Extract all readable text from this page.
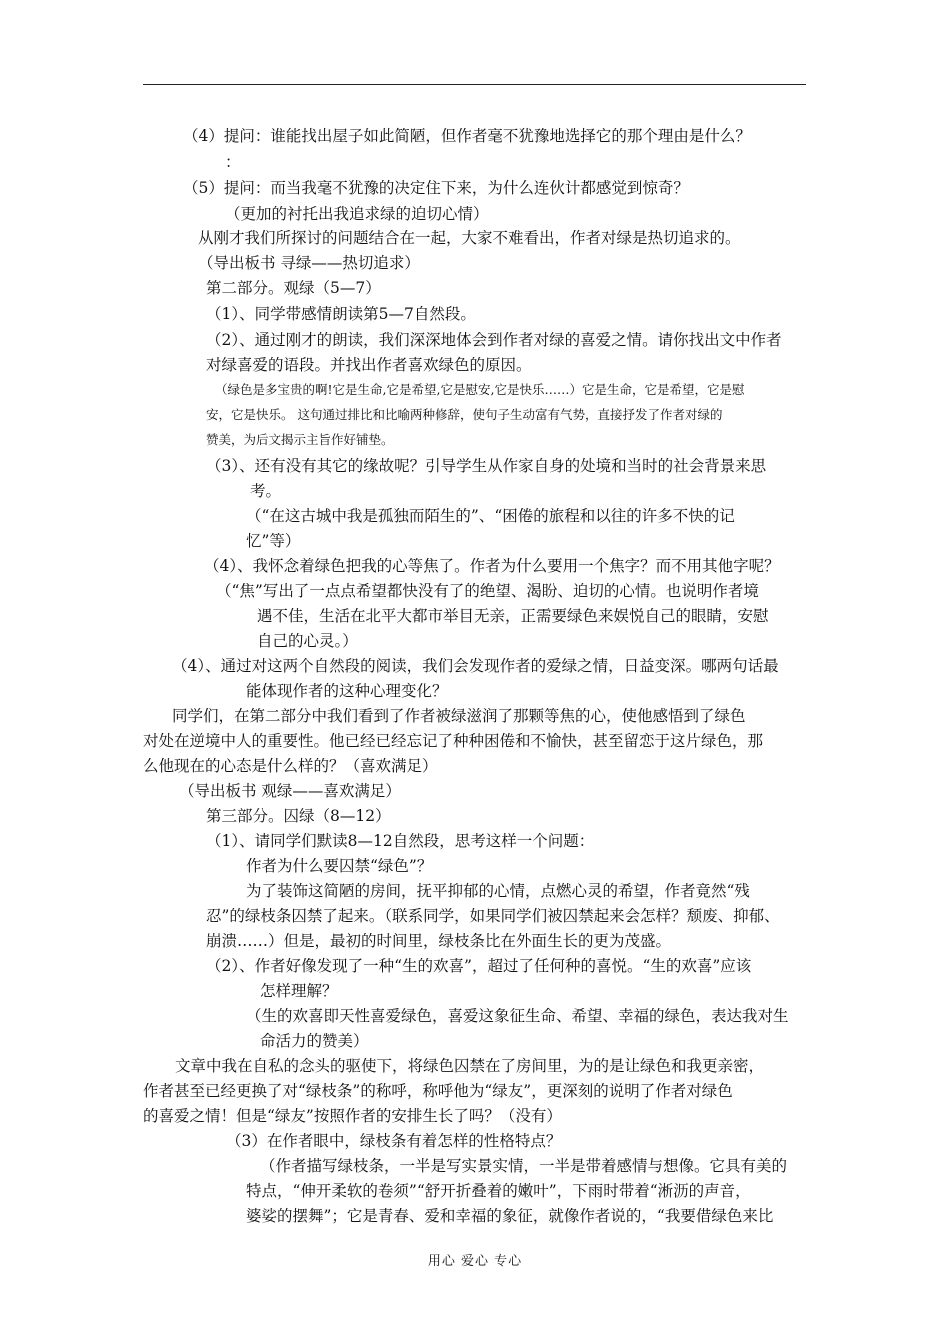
（4）提问：谁能找出屋子如此简陋，但作者毫不犹豫地选择它的那个理由是什么？
：
（5）提问：而当我毫不犹豫的决定住下来，为什么连伙计都感觉到惊奇？
（更加的衬托出我追求绿的迫切心情）
从刚才我们所探讨的问题结合在一起，大家不难看出，作者对绿是热切追求的。
（导出板书 寻绿——热切追求）
第二部分。观绿（5—7）
（1）、同学带感情朗读第5—7自然段。
（2）、通过刚才的朗读，我们深深地体会到作者对绿的喜爱之情。请你找出文中作者
对绿喜爱的语段。并找出作者喜欢绿色的原因。
（绿色是多宝贵的啊!它是生命,它是希望,它是慰安,它是快乐……）它是生命，它是希望，它是慰
安，它是快乐。 这句通过排比和比喻两种修辞，使句子生动富有气势，直接抒发了作者对绿的
赞美，为后文揭示主旨作好铺垫。
（3）、还有没有其它的缘故呢？引导学生从作家自身的处境和当时的社会背景来思
考。
（“在这古城中我是孤独而陌生的”、“困倦的旅程和以往的许多不快的记
忆”等）
（4）、我怀念着绿色把我的心等焦了。作者为什么要用一个焦字？而不用其他字呢？
（“焦”写出了一点点希望都快没有了的绝望、渴盼、迫切的心情。也说明作者境
遇不佳，生活在北平大都市举目无亲，正需要绿色来娱悦自己的眼睛，安慰
自己的心灵。）
（4）、通过对这两个自然段的阅读，我们会发现作者的爱绿之情，日益变深。哪两句话最
能体现作者的这种心理变化？
同学们，在第二部分中我们看到了作者被绿滋润了那颗等焦的心，使他感悟到了绿色
对处在逆境中人的重要性。他已经已经忘记了种种困倦和不愉快，甚至留恋于这片绿色，那
么他现在的心态是什么样的？（喜欢满足）
（导出板书 观绿——喜欢满足）
第三部分。囚绿（8—12）
（1）、请同学们默读8—12自然段，思考这样一个问题：
作者为什么要囚禁“绿色”？
为了装饰这简陋的房间，抚平抑郁的心情，点燃心灵的希望，作者竟然“残
忍”的绿枝条囚禁了起来。（联系同学，如果同学们被囚禁起来会怎样？颓废、抑郁、
崩溃……）但是，最初的时间里，绿枝条比在外面生长的更为茂盛。
（2）、作者好像发现了一种“生的欢喜”，超过了任何种的喜悦。“生的欢喜”应该
怎样理解？
（生的欢喜即天性喜爱绿色，喜爱这象征生命、希望、幸福的绿色，表达我对生
命活力的赞美）
文章中我在自私的念头的驱使下，将绿色囚禁在了房间里，为的是让绿色和我更亲密，
作者甚至已经更换了对“绿枝条”的称呼，称呼他为“绿友”，更深刻的说明了作者对绿色
的喜爱之情！但是“绿友”按照作者的安排生长了吗？（没有）
（3）在作者眼中，绿枝条有着怎样的性格特点？
（作者描写绿枝条，一半是写实景实情，一半是带着感情与想像。它具有美的
特点，“伸开柔软的卷须”“舒开折叠着的嫩叶”，下雨时带着“淅沥的声音，
婆娑的摆舞”；它是青春、爱和幸福的象征，就像作者说的，“我要借绿色来比
用心 爱心 专心
